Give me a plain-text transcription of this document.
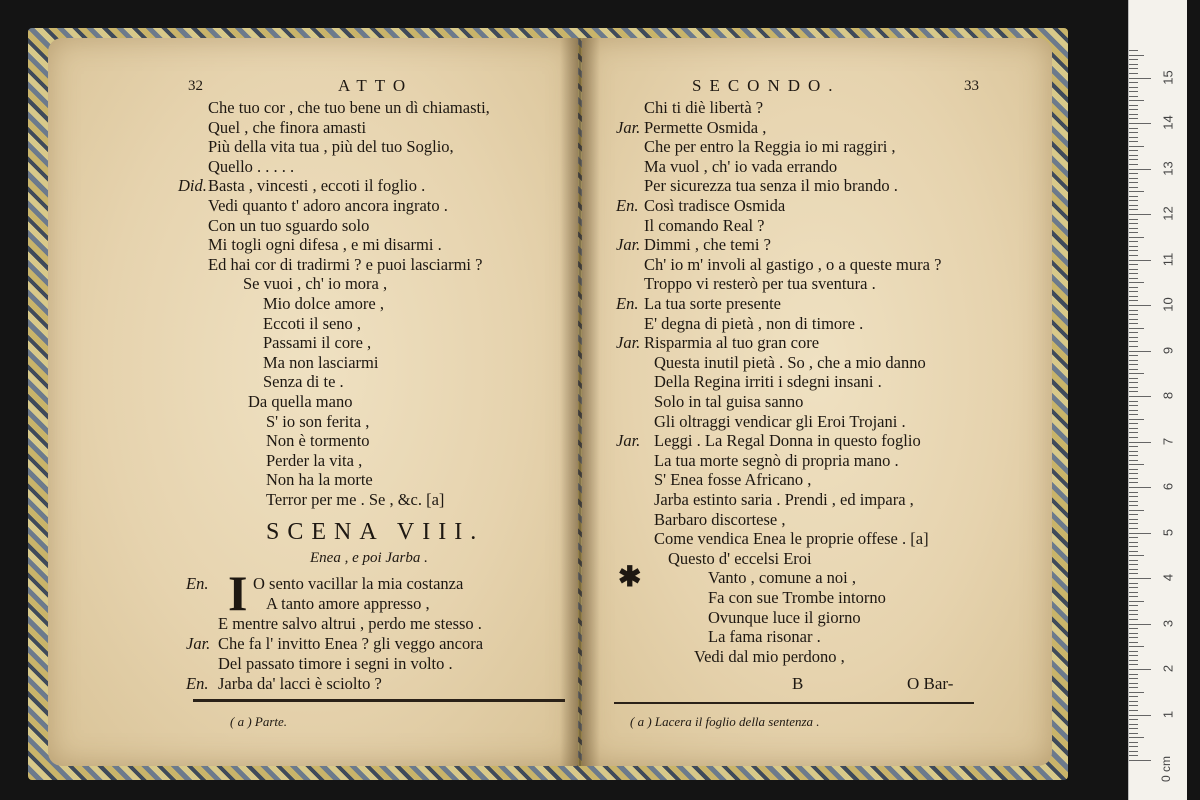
32	ATTO
Che tuo cor , che tuo bene un dì chiamasti,
Quel , che finora amasti
Più della vita tua , più del tuo Soglio,
Quello . . . . .
Did. Basta , vincesti , eccoti il foglio .
Vedi quanto t' adoro ancora ingrato .
Con un tuo sguardo solo
Mi togli ogni difesa , e mi disarmi .
Ed hai cor di tradirmi ? e puoi lasciarmi ?
Se vuoi , ch' io mora ,
Mio dolce amore ,
Eccoti il seno ,
Passami il core ,
Ma non lasciarmi
Senza di te .
Da quella mano
S' io son ferita ,
Non è tormento
Perder la vita ,
Non ha la morte
Terror per me . Se , &c. [a]
SCENA VIII.
Enea , e poi Jarba .
En.	O sento vacillar la mia costanza
A tanto amore appresso ,
E mentre salvo altrui , perdo me stesso .
Jar. Che fa l' invitto Enea ? gli veggo ancora
Del passato timore i segni in volto .
En. Jarba da' lacci è sciolto ?
( a ) Parte.
I
SECONDO.	33
Chi ti diè libertà ?
Jar. Permette Osmida ,
Che per entro la Reggia io mi raggiri ,
Ma vuol , ch' io vada errando
Per sicurezza tua senza il mio brando .
En. Così tradisce Osmida
Il comando Real ?
Jar. Dimmi , che temi ?
Ch' io m' involi al gastigo , o a queste mura ?
Troppo vi resterò per tua sventura .
En. La tua sorte presente
E' degna di pietà , non di timore .
Jar. Risparmia al tuo gran core
Questa inutil pietà . So , che a mio danno
Della Regina irriti i sdegni insani .
Solo in tal guisa sanno
Gli oltraggi vendicar gli Eroi Trojani .
Jar. Leggi . La Regal Donna in questo foglio
La tua morte segnò di propria mano .
S' Enea fosse Africano ,
Jarba estinto saria . Prendi , ed impara ,
Barbaro discortese ,
Come vendica Enea le proprie offese . [a]
Questo d' eccelsi Eroi
Vanto , comune a noi ,
Fa con sue Trombe intorno
Ovunque luce il giorno
La fama risonar .
Vedi dal mio perdono ,
✱
B	O Bar-
( a ) Lacera il foglio della sentenza .	1
2
3
4
5
6
7
8
9
10
11
12
13
14
15
0 cm
